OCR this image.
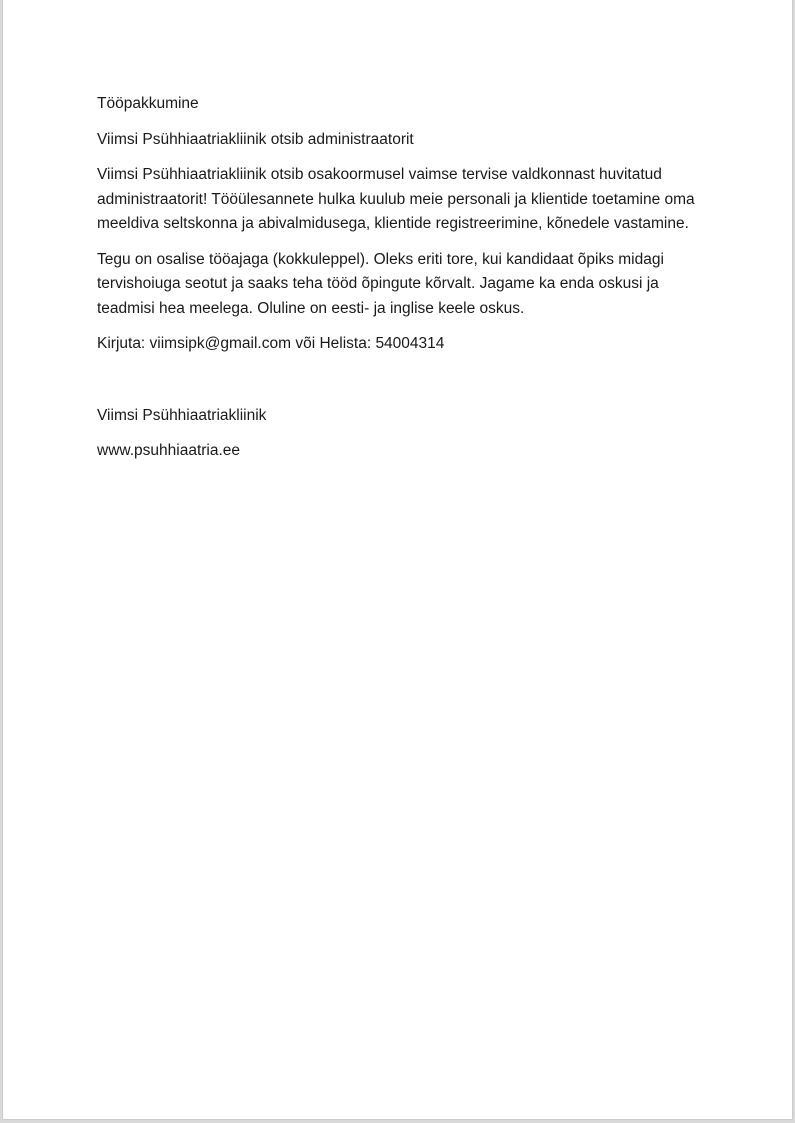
Tööpakkumine

Viimsi Psühhiaatriakliinik otsib administraatorit

Viimsi Psühhiaatriakliinik otsib osakoormusel vaimse tervise valdkonnast huvitatud administraatorit! Tööülesannete hulka kuulub meie personali ja klientide toetamine oma meeldiva seltskonna ja abivalmidusega, klientide registreerimine, kõnedele vastamine.

Tegu on osalise tööajaga (kokkuleppel). Oleks eriti tore, kui kandidaat õpiks midagi tervishoiuga seotut ja saaks teha tööd õpingute kõrvalt. Jagame ka enda oskusi ja teadmisi hea meelega. Oluline on eesti- ja inglise keele oskus.

Kirjuta: viimsipk@gmail.com või Helista: 54004314

Viimsi Psühhiaatriakliinik

www.psuhhiaatria.ee
